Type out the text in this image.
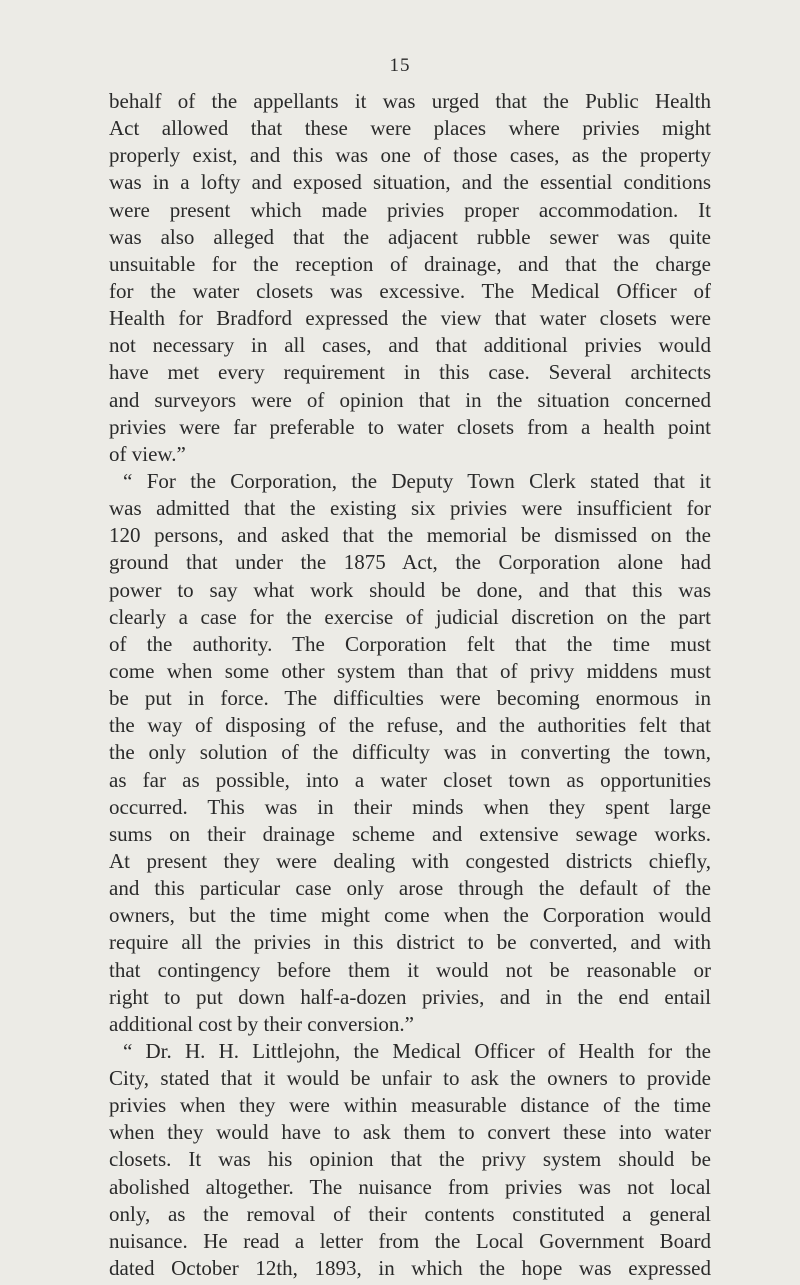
15
behalf of the appellants it was urged that the Public Health
Act allowed that these were places where privies might
properly exist, and this was one of those cases, as the property
was in a lofty and exposed situation, and the essential conditions
were present which made privies proper accommodation. It
was also alleged that the adjacent rubble sewer was quite
unsuitable for the reception of drainage, and that the charge
for the water closets was excessive. The Medical Officer of
Health for Bradford expressed the view that water closets were
not necessary in all cases, and that additional privies would
have met every requirement in this case. Several architects
and surveyors were of opinion that in the situation concerned
privies were far preferable to water closets from a health point
of view.”
“ For the Corporation, the Deputy Town Clerk stated that it
was admitted that the existing six privies were insufficient for
120 persons, and asked that the memorial be dismissed on the
ground that under the 1875 Act, the Corporation alone had
power to say what work should be done, and that this was
clearly a case for the exercise of judicial discretion on the part
of the authority. The Corporation felt that the time must
come when some other system than that of privy middens must
be put in force. The difficulties were becoming enormous in
the way of disposing of the refuse, and the authorities felt that
the only solution of the difficulty was in converting the town,
as far as possible, into a water closet town as opportunities
occurred. This was in their minds when they spent large
sums on their drainage scheme and extensive sewage works.
At present they were dealing with congested districts chiefly,
and this particular case only arose through the default of the
owners, but the time might come when the Corporation would
require all the privies in this district to be converted, and with
that contingency before them it would not be reasonable or
right to put down half-a-dozen privies, and in the end entail
additional cost by their conversion.”
“ Dr. H. H. Littlejohn, the Medical Officer of Health for the
City, stated that it would be unfair to ask the owners to provide
privies when they were within measurable distance of the time
when they would have to ask them to convert these into water
closets. It was his opinion that the privy system should be
abolished altogether. The nuisance from privies was not local
only, as the removal of their contents constituted a general
nuisance. He read a letter from the Local Government Board
dated October 12th, 1893, in which the hope was expressed
